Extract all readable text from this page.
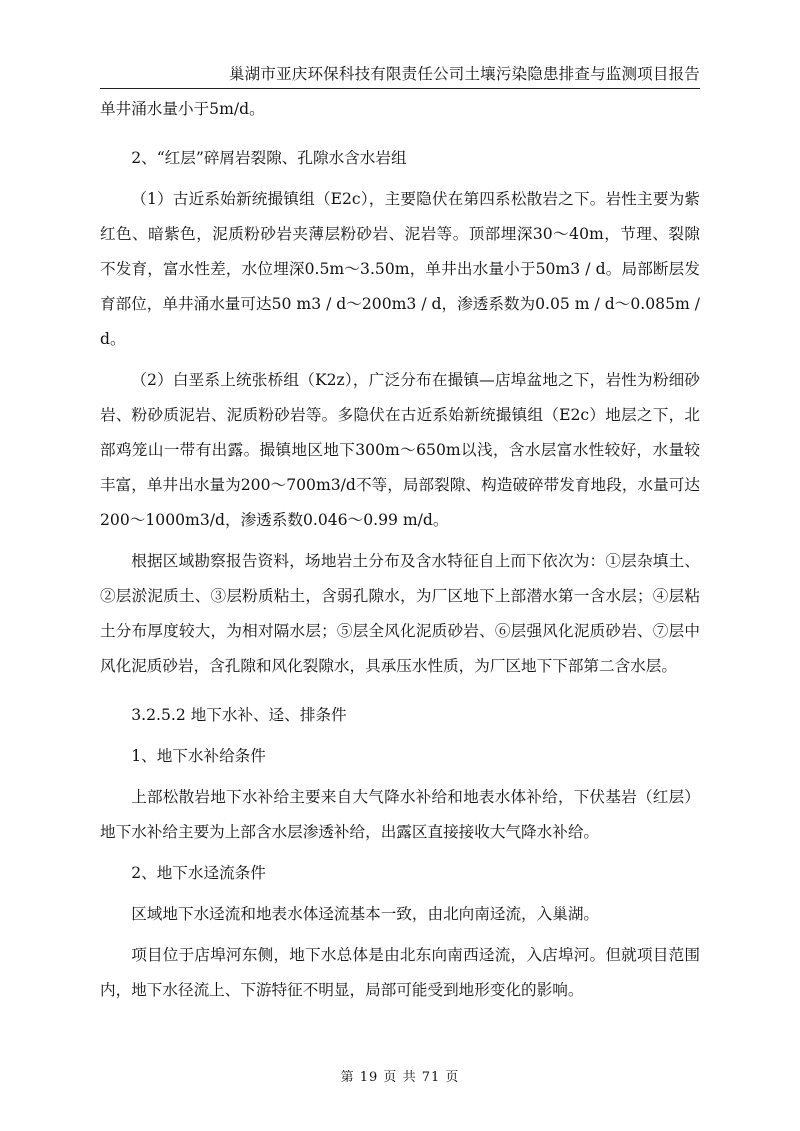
巢湖市亚庆环保科技有限责任公司土壤污染隐患排查与监测项目报告

单井涌水量小于5m/d。

2、“红层”碎屑岩裂隙、孔隙水含水岩组

（1）古近系始新统撮镇组（E2c），主要隐伏在第四系松散岩之下。岩性主要为紫红色、暗紫色，泥质粉砂岩夹薄层粉砂岩、泥岩等。顶部埋深30～40m，节理、裂隙不发育，富水性差，水位埋深0.5m～3.50m，单井出水量小于50m3 / d。局部断层发育部位，单井涌水量可达50 m3 / d～200m3 / d，渗透系数为0.05 m / d～0.085m / d。

（2）白垩系上统张桥组（K2z），广泛分布在撮镇—店埠盆地之下，岩性为粉细砂岩、粉砂质泥岩、泥质粉砂岩等。多隐伏在古近系始新统撮镇组（E2c）地层之下，北部鸡笼山一带有出露。撮镇地区地下300m～650m以浅，含水层富水性较好，水量较丰富，单井出水量为200～700m3/d不等，局部裂隙、构造破碎带发育地段，水量可达200～1000m3/d，渗透系数0.046～0.99 m/d。

根据区域勘察报告资料，场地岩土分布及含水特征自上而下依次为：①层杂填土、②层淤泥质土、③层粉质粘土，含弱孔隙水，为厂区地下上部潜水第一含水层；④层粘土分布厚度较大，为相对隔水层；⑤层全风化泥质砂岩、⑥层强风化泥质砂岩、⑦层中风化泥质砂岩，含孔隙和风化裂隙水，具承压水性质，为厂区地下下部第二含水层。

3.2.5.2 地下水补、迳、排条件

1、地下水补给条件

上部松散岩地下水补给主要来自大气降水补给和地表水体补给，下伏基岩（红层）地下水补给主要为上部含水层渗透补给，出露区直接接收大气降水补给。

2、地下水迳流条件

区域地下水迳流和地表水体迳流基本一致，由北向南迳流，入巢湖。

项目位于店埠河东侧，地下水总体是由北东向南西迳流，入店埠河。但就项目范围内，地下水径流上、下游特征不明显，局部可能受到地形变化的影响。

第 19 页 共 71 页
